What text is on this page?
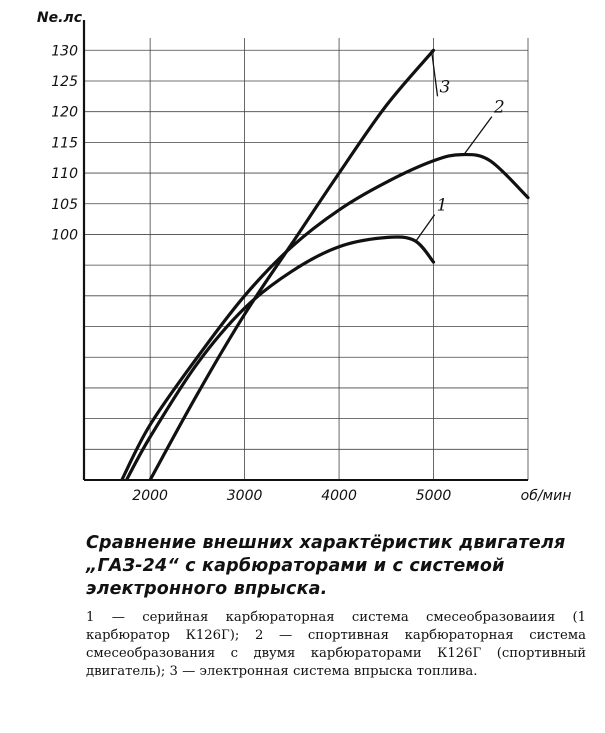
100
105
110
115
120
125
130
2000	3000	4000	5000
Nе.лс
об/мин
1
2
3

Сравнение внешних характёристик двигателя „ГАЗ-24“ с карбюраторами и с системой электронного впрыска.

1 — серийная карбюраторная система смесеобразоваиия (1 карбюратор К126Г); 2 — спортивная карбюраторная система смесеобразования с двумя карбюраторами К126Г (спортивный двигатель); 3 — электронная система впрыска топлива.
